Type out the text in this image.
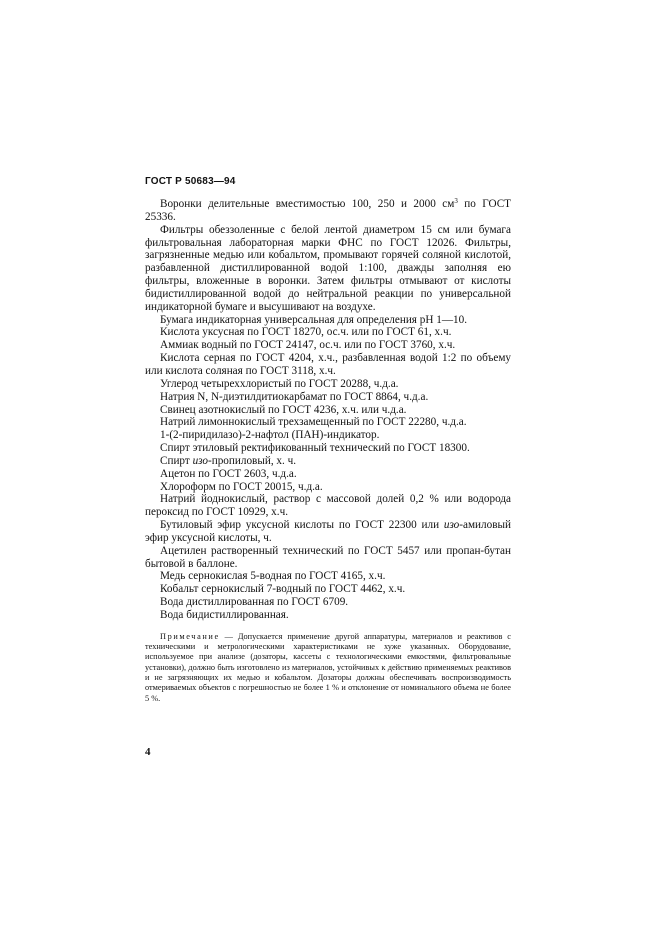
ГОСТ Р 50683—94

Воронки делительные вместимостью 100, 250 и 2000 $см^3$ по ГОСТ 25336.

Фильтры обеззоленные с белой лентой диаметром 15 см или бумага фильтровальная лабораторная марки ФНС по ГОСТ 12026. Фильтры, загрязненные медью или кобальтом, промывают горячей соляной кислотой, разбавленной дистиллированной водой 1:100, дважды заполняя ею фильтры, вложенные в воронки. Затем фильтры отмывают от кислоты бидистиллированной водой до нейтральной реакции по универсальной индикаторной бумаге и высушивают на воздухе.

Бумага индикаторная универсальная для определения рН 1—10.

Кислота уксусная по ГОСТ 18270, ос.ч. или по ГОСТ 61, х.ч.

Аммиак водный по ГОСТ 24147, ос.ч. или по ГОСТ 3760, х.ч.

Кислота серная по ГОСТ 4204, х.ч., разбавленная водой 1:2 по объему или кислота соляная по ГОСТ 3118, х.ч.

Углерод четыреххлористый по ГОСТ 20288, ч.д.а.

Натрия N, N-диэтилдитиокарбамат по ГОСТ 8864, ч.д.а.

Свинец азотнокислый по ГОСТ 4236, х.ч. или ч.д.а.

Натрий лимоннокислый трехзамещенный по ГОСТ 22280, ч.д.а.

1-(2-пиридилазо)-2-нафтол (ПАН)-индикатор.

Спирт этиловый ректификованный технический по ГОСТ 18300.

Спирт изо-пропиловый, х. ч.

Ацетон по ГОСТ 2603, ч.д.а.

Хлороформ по ГОСТ 20015, ч.д.а.

Натрий йоднокислый, раствор с массовой долей 0,2 % или водорода пероксид по ГОСТ 10929, х.ч.

Бутиловый эфир уксусной кислоты по ГОСТ 22300 или изо-амиловый эфир уксусной кислоты, ч.

Ацетилен растворенный технический по ГОСТ 5457 или пропан-бутан бытовой в баллоне.

Медь сернокислая 5-водная по ГОСТ 4165, х.ч.

Кобальт сернокислый 7-водный по ГОСТ 4462, х.ч.

Вода дистиллированная по ГОСТ 6709.

Вода бидистиллированная.

Примечание — Допускается применение другой аппаратуры, материалов и реактивов с техническими и метрологическими характеристиками не хуже указанных. Оборудование, используемое при анализе (дозаторы, кассеты с технологическими емкостями, фильтровальные установки), должно быть изготовлено из материалов, устойчивых к действию применяемых реактивов и не загрязняющих их медью и кобальтом. Дозаторы должны обеспечивать воспроизводимость отмериваемых объектов с погрешностью не более 1 % и отклонение от номинального объема не более 5 %.

4
